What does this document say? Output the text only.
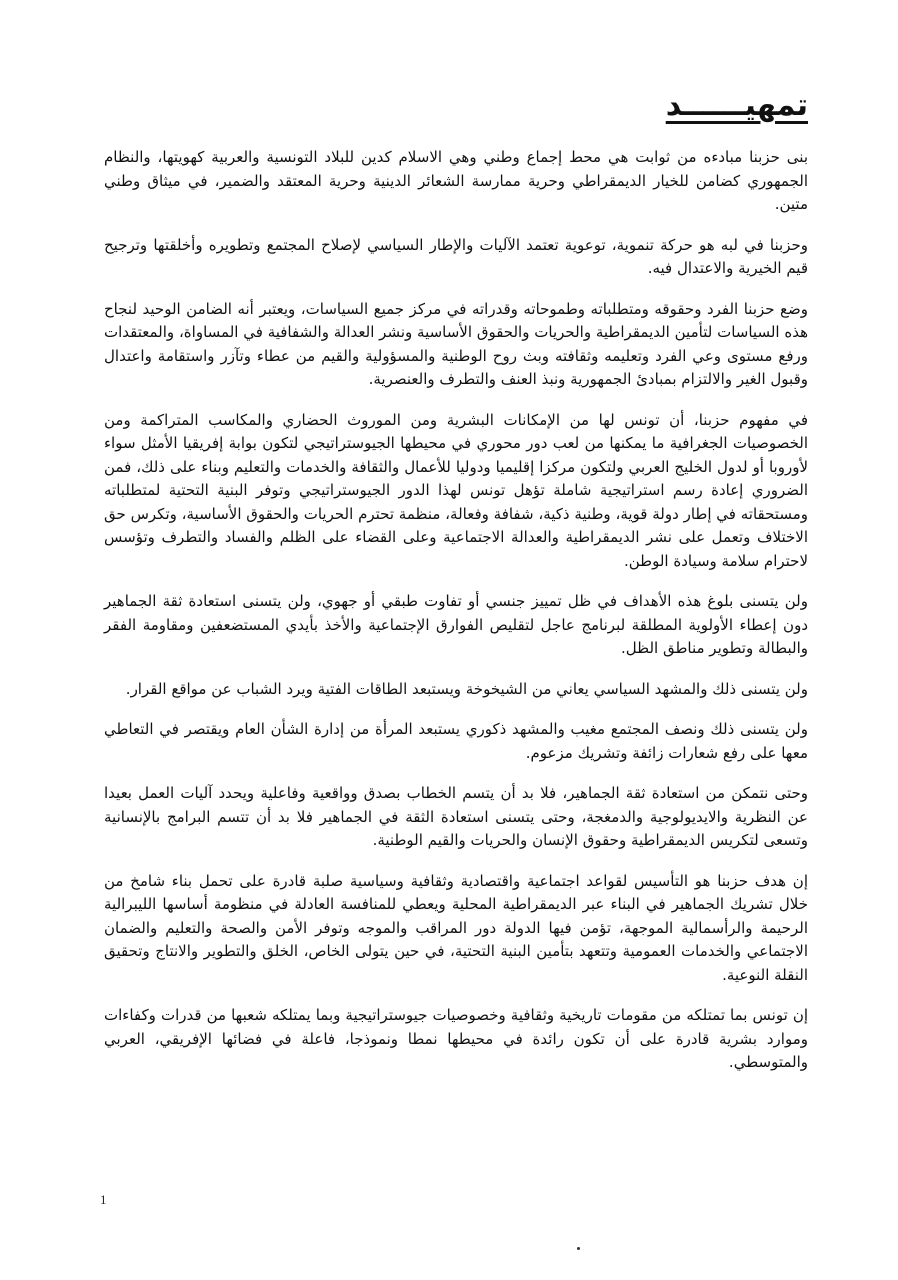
تمهيــــــد

بنى حزبنا مبادءه من ثوابت هي محط إجماع وطني وهي الاسلام كدين للبلاد التونسية والعربية كهويتها، والنظام الجمهوري كضامن للخيار الديمقراطي وحرية ممارسة الشعائر الدينية وحرية المعتقد والضمير، في ميثاق وطني متين.

وحزبنا في لبه هو حركة تنموية، توعوية تعتمد الآليات والإطار السياسي لإصلاح المجتمع وتطويره وأخلقتها وترجيح قيم الخيرية والاعتدال فيه.

وضع حزبنا الفرد وحقوقه ومتطلباته وطموحاته وقدراته في مركز جميع السياسات، ويعتبر أنه الضامن الوحيد لنجاح هذه السياسات لتأمين الديمقراطية والحريات والحقوق الأساسية ونشر العدالة والشفافية في المساواة، والمعتقدات ورفع مستوى وعي الفرد وتعليمه وثقافته وبث روح الوطنية والمسؤولية والقيم من عطاء وتآزر واستقامة واعتدال وقبول الغير والالتزام بمبادئ الجمهورية ونبذ العنف والتطرف والعنصرية.

في مفهوم حزبنا، أن تونس لها من الإمكانات البشرية ومن الموروث الحضاري والمكاسب المتراكمة ومن الخصوصيات الجغرافية ما يمكنها من لعب دور محوري في محيطها الجيوستراتيجي لتكون بوابة إفريقيا الأمثل سواء لأوروبا أو لدول الخليج العربي ولتكون مركزا إقليميا ودوليا للأعمال والثقافة والخدمات والتعليم وبناء على ذلك، فمن الضروري إعادة رسم استراتيجية شاملة تؤهل تونس لهذا الدور الجيوستراتيجي وتوفر البنية التحتية لمتطلباته ومستحقاته في إطار دولة قوية، وطنية ذكية، شفافة وفعالة، منظمة تحترم الحريات والحقوق الأساسية، وتكرس حق الاختلاف وتعمل على نشر الديمقراطية والعدالة الاجتماعية وعلى القضاء على الظلم والفساد والتطرف وتؤسس لاحترام سلامة وسيادة الوطن.

ولن يتسنى بلوغ هذه الأهداف في ظل تمييز جنسي أو تفاوت طبقي أو جهوي، ولن يتسنى استعادة ثقة الجماهير دون إعطاء الأولوية المطلقة لبرنامج عاجل لتقليص الفوارق الإجتماعية والأخذ بأيدي المستضعفين ومقاومة الفقر والبطالة وتطوير مناطق الظل.

ولن يتسنى ذلك والمشهد السياسي يعاني من الشيخوخة ويستبعد الطاقات الفتية ويرد الشباب عن مواقع القرار.

ولن يتسنى ذلك ونصف المجتمع مغيب والمشهد ذكوري يستبعد المرأة من إدارة الشأن العام ويقتصر في التعاطي معها على رفع شعارات زائفة وتشريك مزعوم.

وحتى نتمكن من استعادة ثقة الجماهير، فلا بد أن يتسم الخطاب بصدق وواقعية وفاعلية ويحدد آليات العمل بعيدا عن النظرية والايديولوجية والدمغجة، وحتى يتسنى استعادة الثقة في الجماهير فلا بد أن تتسم البرامج بالإنسانية وتسعى لتكريس الديمقراطية وحقوق الإنسان والحريات والقيم الوطنية.

إن هدف حزبنا هو التأسيس لقواعد اجتماعية واقتصادية وثقافية وسياسية صلبة قادرة على تحمل بناء شامخ من خلال تشريك الجماهير في البناء عبر الديمقراطية المحلية ويعطي للمنافسة العادلة في منظومة أساسها الليبرالية الرحيمة والرأسمالية الموجهة، تؤمن فيها الدولة دور المراقب والموجه وتوفر الأمن والصحة والتعليم والضمان الاجتماعي والخدمات العمومية وتتعهد بتأمين البنية التحتية، في حين يتولى الخاص، الخلق والتطوير والانتاج وتحقيق النقلة النوعية.

إن تونس بما تمتلكه من مقومات تاريخية وثقافية وخصوصيات جيوستراتيجية وبما يمتلكه شعبها من قدرات وكفاءات وموارد بشرية قادرة على أن تكون رائدة في محيطها نمطا ونموذجا، فاعلة في فضائها الإفريقي، العربي والمتوسطي.

1
